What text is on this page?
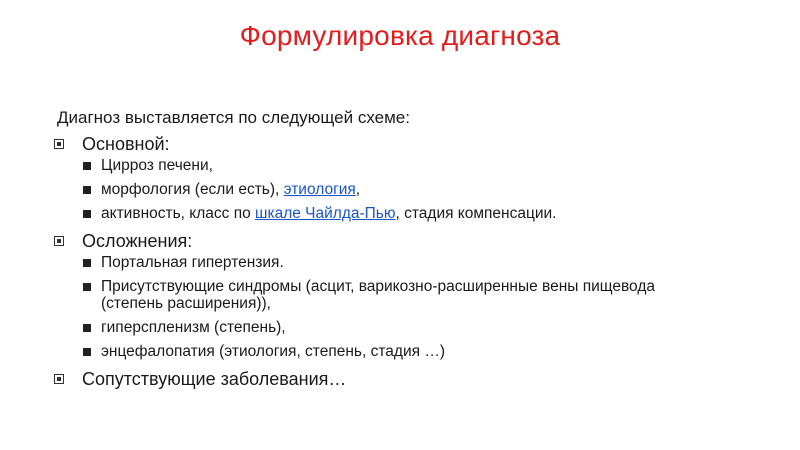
Формулировка диагноза
Диагноз выставляется по следующей схеме:
Основной:
Цирроз печени,
морфология (если есть), этиология,
активность, класс по шкале Чайлда-Пью, стадия компенсации.
Осложнения:
Портальная гипертензия.
Присутствующие синдромы (асцит, варикозно-расширенные вены пищевода (степень расширения)),
гиперспленизм (степень),
энцефалопатия (этиология, степень, стадия …)
Сопутствующие заболевания…
